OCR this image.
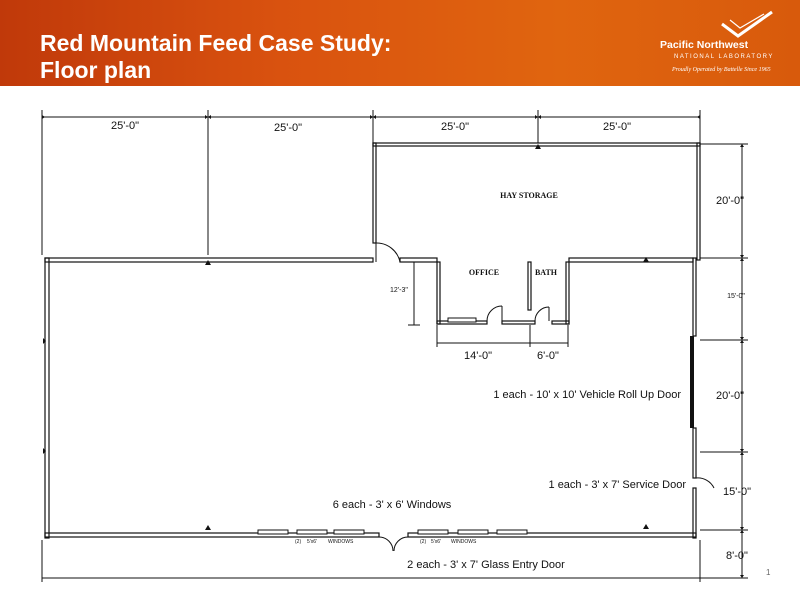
Red Mountain Feed Case Study:
Floor plan
Pacific Northwest
NATIONAL LABORATORY
Proudly Operated by Battelle Since 1965
25'-0"	25'-0"	25'-0"	25'-0"
20'-0"
15'-0"
20'-0"
15'-0"
8'-0"
12'-3"
14'-0"	6'-0"
HAY STORAGE
OFFICE	BATH
(2) 5'x6' WINDOWS	(2) 5'x6' WINDOWS
1 each - 10' x 10' Vehicle Roll Up Door
1 each - 3' x 7' Service Door
6 each - 3' x 6' Windows
2 each - 3' x 7' Glass Entry Door
1
